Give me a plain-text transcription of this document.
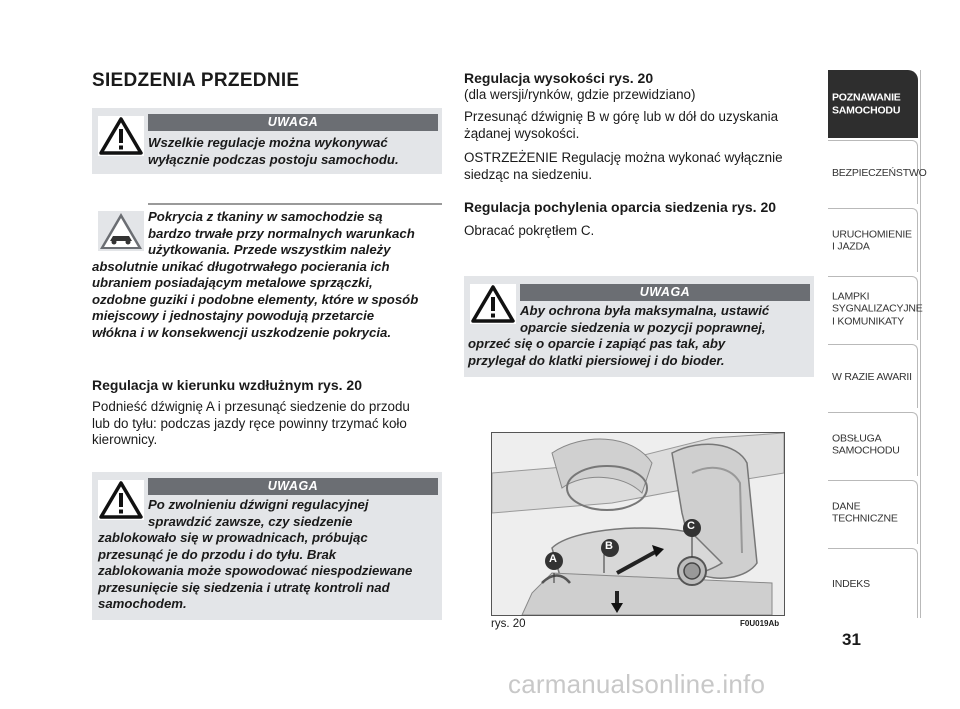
SIEDZENIA PRZEDNIE
UWAGA

Wszelkie regulacje można wykonywać wyłącznie podczas postoju samochodu.

Pokrycia z tkaniny w samochodzie są

bardzo trwałe przy normalnych warunkach

użytkowania. Przede wszystkim należy

absolutnie unikać długotrwałego pocierania ich

ubraniem posiadającym metalowe sprzączki,

ozdobne guziki i podobne elementy, które w sposób

miejscowy i jednostajny powodują przetarcie

włókna i w konsekwencji uszkodzenie pokrycia.

Regulacja w kierunku wzdłużnym rys. 20

Podnieść dźwignię A i przesunąć siedzenie do przodu

lub do tyłu: podczas jazdy ręce powinny trzymać koło

kierownicy.

UWAGA

Po zwolnieniu dźwigni regulacyjnej

sprawdzić zawsze, czy siedzenie

zablokowało się w prowadnicach, próbując

przesunąć je do przodu i do tyłu. Brak

zablokowania może spowodować niespodziewane

przesunięcie się siedzenia i utratę kontroli nad

samochodem.

Regulacja wysokości rys. 20

(dla wersji/rynków, gdzie przewidziano)

Przesunąć dźwignię B w górę lub w dół do uzyskania

żądanej wysokości.

OSTRZEŻENIE Regulację można wykonać wyłącznie

siedząc na siedzeniu.

Regulacja pochylenia oparcia siedzenia rys. 20

Obracać pokrętłem C.

UWAGA

Aby ochrona była maksymalna, ustawić

oparcie siedzenia w pozycji poprawnej,

oprzeć się o oparcie i zapiąć pas tak, aby

przylegał do klatki piersiowej i do bioder.

A
B
C
rys. 20	F0U019Ab
POZNAWANIE
SAMOCHODU
BEZPIECZEŃSTWO
URUCHOMIENIE
I JAZDA
LAMPKI
SYGNALIZACYJNE
I KOMUNIKATY
W RAZIE AWARII
OBSŁUGA
SAMOCHODU
DANE
TECHNICZNE
INDEKS
31
carmanualsonline.info
